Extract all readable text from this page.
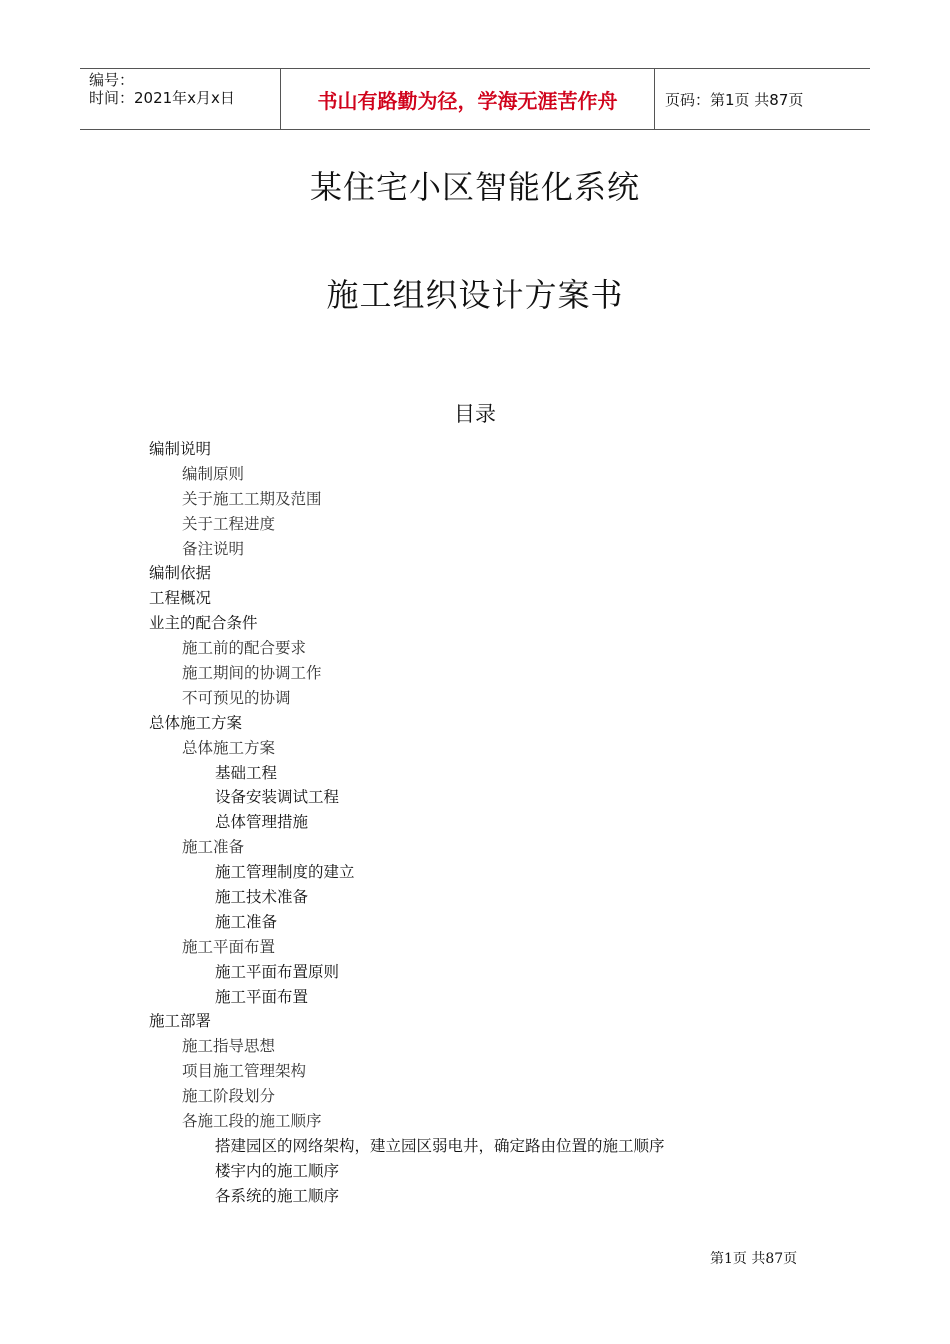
编号：
时间：2021年x月x日	书山有路勤为径，学海无涯苦作舟	页码：第1页 共87页
某住宅小区智能化系统
施工组织设计方案书
目录
编制说明
编制原则
关于施工工期及范围
关于工程进度
备注说明
编制依据
工程概况
业主的配合条件
施工前的配合要求
施工期间的协调工作
不可预见的协调
总体施工方案
总体施工方案
基础工程
设备安装调试工程
总体管理措施
施工准备
施工管理制度的建立
施工技术准备
施工准备
施工平面布置
施工平面布置原则
施工平面布置
施工部署
施工指导思想
项目施工管理架构
施工阶段划分
各施工段的施工顺序
搭建园区的网络架构，建立园区弱电井，确定路由位置的施工顺序
楼宇内的施工顺序
各系统的施工顺序
第1页 共87页
